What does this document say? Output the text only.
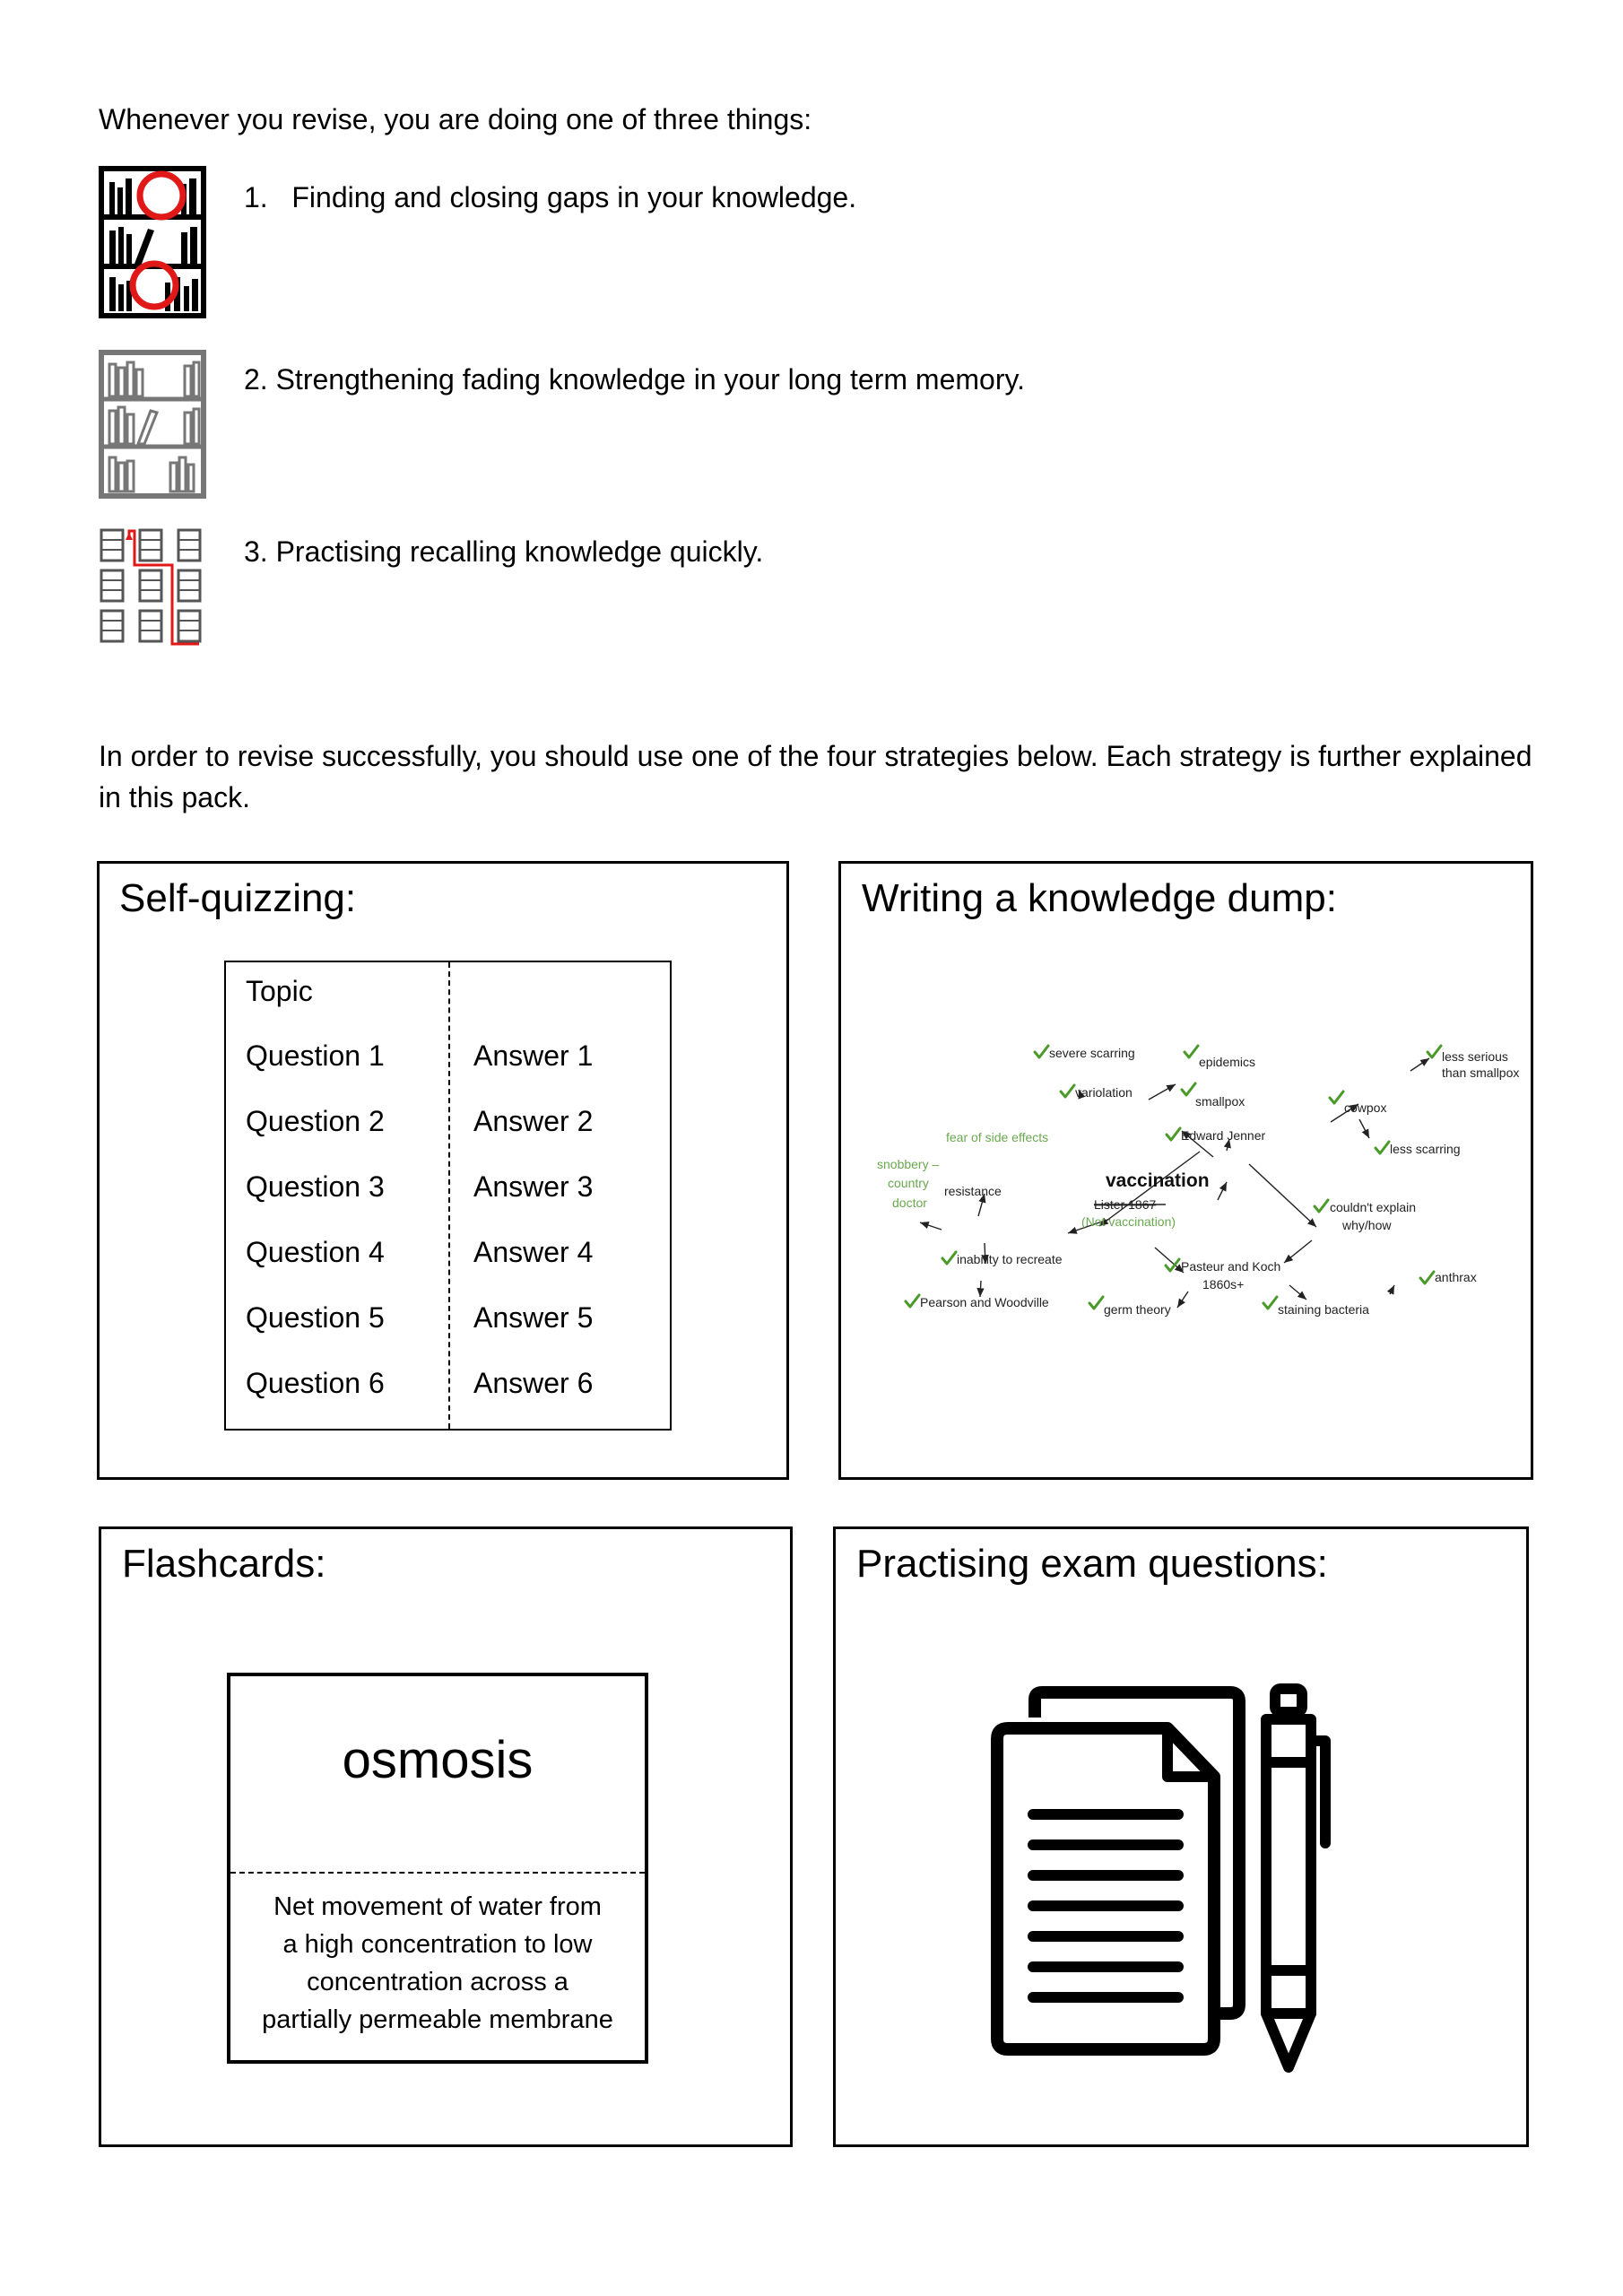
Whenever you revise, you are doing one of three things:
1.   Finding and closing gaps in your knowledge.
2. Strengthening fading knowledge in your long term memory.
3. Practising recalling knowledge quickly.
In order to revise successfully, you should use one of the four strategies below. Each strategy is further explained in this pack.
Self-quizzing:
Topic
Question 1	Answer 1
Question 2	Answer 2
Question 3	Answer 3
Question 4	Answer 4
Question 5	Answer 5
Question 6	Answer 6
Writing a knowledge dump:
severe scarring
epidemics	less serious
than smallpox
variolation
smallpox	cowpox
fear of side effects	Edward Jenner
less scarring
snobbery –
country
doctor
vaccination
resistance
Lister 1867
(Not vaccination)
couldn't explain
why/how
inability to recreate	Pasteur and Koch
1860s+	anthrax
Pearson and Woodville	germ theory	staining bacteria
Flashcards:
osmosis
Net movement of water from
a high concentration to low
concentration across a
partially permeable membrane
Practising exam questions:
